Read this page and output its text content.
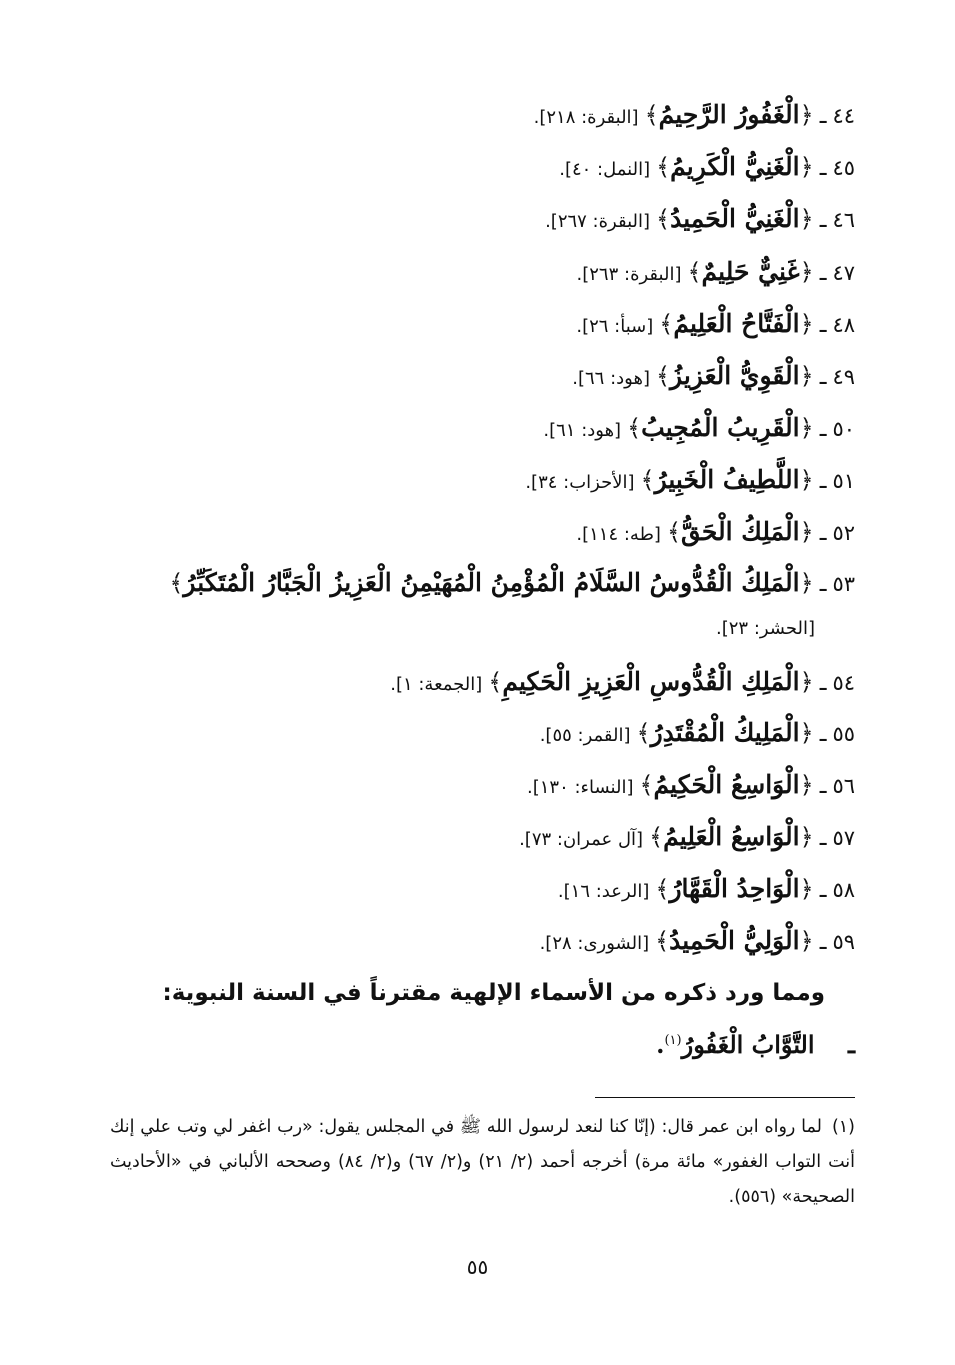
٤٤ـ﴿الْغَفُورُ الرَّحِيمُ﴾[البقرة: ٢١٨].
٤٥ـ﴿الْغَنِيُّ الْكَرِيمُ﴾[النمل: ٤٠].
٤٦ـ﴿الْغَنِيُّ الْحَمِيدُ﴾[البقرة: ٢٦٧].
٤٧ـ﴿غَنِيٌّ حَلِيمٌ﴾[البقرة: ٢٦٣].
٤٨ـ﴿الْفَتَّاحُ الْعَلِيمُ﴾[سبأ: ٢٦].
٤٩ـ﴿الْقَوِيُّ الْعَزِيزُ﴾[هود: ٦٦].
٥٠ـ﴿الْقَرِيبُ الْمُجِيبُ﴾[هود: ٦١].
٥١ـ﴿اللَّطِيفُ الْخَبِيرُ﴾[الأحزاب: ٣٤].
٥٢ـ﴿الْمَلِكُ الْحَقُّ﴾[طه: ١١٤].
٥٣ـ﴿الْمَلِكُ الْقُدُّوسُ السَّلَامُ الْمُؤْمِنُ الْمُهَيْمِنُ الْعَزِيزُ الْجَبَّارُ الْمُتَكَبِّرُ﴾
[الحشر: ٢٣].
٥٤ـ﴿الْمَلِكِ الْقُدُّوسِ الْعَزِيزِ الْحَكِيمِ﴾[الجمعة: ١].
٥٥ـ﴿الْمَلِيكُ الْمُقْتَدِرُ﴾[القمر: ٥٥].
٥٦ـ﴿الْوَاسِعُ الْحَكِيمُ﴾[النساء: ١٣٠].
٥٧ـ﴿الْوَاسِعُ الْعَلِيمُ﴾[آل عمران: ٧٣].
٥٨ـ﴿الْوَاحِدُ الْقَهَّارُ﴾[الرعد: ١٦].
٥٩ـ﴿الْوَلِيُّ الْحَمِيدُ﴾[الشورى: ٢٨].
ومما ورد ذكره من الأسماء الإلهية مقترناً في السنة النبوية:
ـ    التَّوَّابُ الْغَفُورُ$^{(١)}$.
(١)لما رواه ابن عمر قال: (إنّا كنا لنعد لرسول الله ﷺ في المجلس يقول: «رب اغفر لي وتب علي إنك أنت التواب الغفور» مائة مرة) أخرجه أحمد (٢/ ٢١) و(٢/ ٦٧) و(٢/ ٨٤) وصححه الألباني في «الأحاديث الصحيحة» (٥٥٦).
٥٥
